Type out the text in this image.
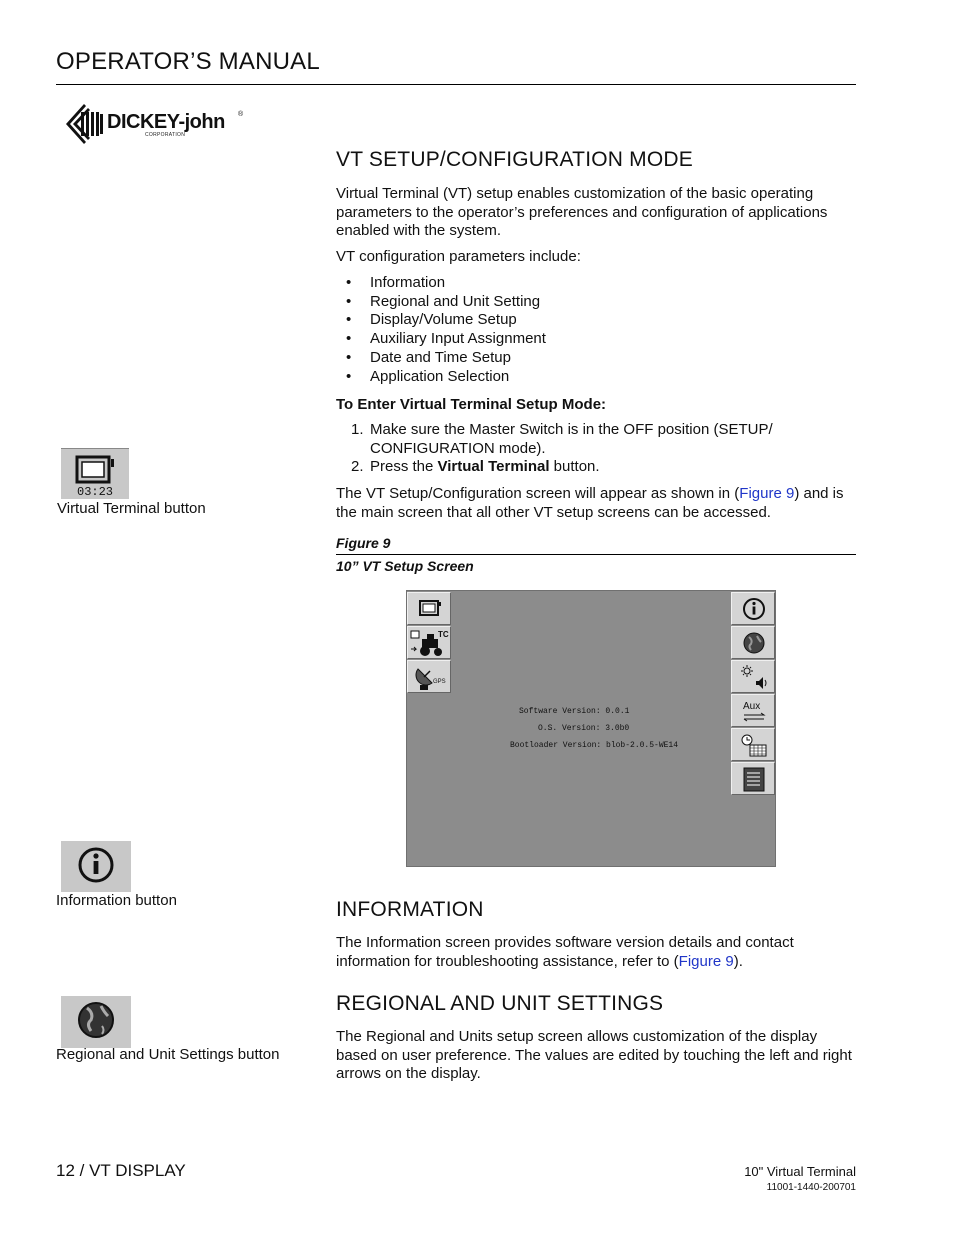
OPERATOR’S MANUAL
DICKEY-john ®
CORPORATION
VT SETUP/CONFIGURATION MODE

Virtual Terminal (VT) setup enables customization of the basic operating parameters to the operator’s preferences and configuration of applications enabled with the system.

VT configuration parameters include:

• Information
• Regional and Unit Setting
• Display/Volume Setup
• Auxiliary Input Assignment
• Date and Time Setup
• Application Selection
To Enter Virtual Terminal Setup Mode:
1. Make sure the Master Switch is in the OFF position (SETUP/ CONFIGURATION mode).
2. Press the Virtual Terminal button.

The VT Setup/Configuration screen will appear as shown in (Figure 9) and is the main screen that all other VT setup screens can be accessed.

Figure 9
10” VT Setup Screen
TC
GPS
Software Version: 0.0.1
O.S. Version: 3.0b0
Bootloader Version: blob-2.0.5-WE14
Aux
03:23
Virtual Terminal button
Information button
Regional and Unit Settings button
INFORMATION

The Information screen provides software version details and contact information for troubleshooting assistance, refer to (Figure 9).

REGIONAL AND UNIT SETTINGS

The Regional and Units setup screen allows customization of the display based on user preference. The values are edited by touching the left and right arrows on the display.

12 / VT DISPLAY	10" Virtual Terminal
11001-1440-200701
